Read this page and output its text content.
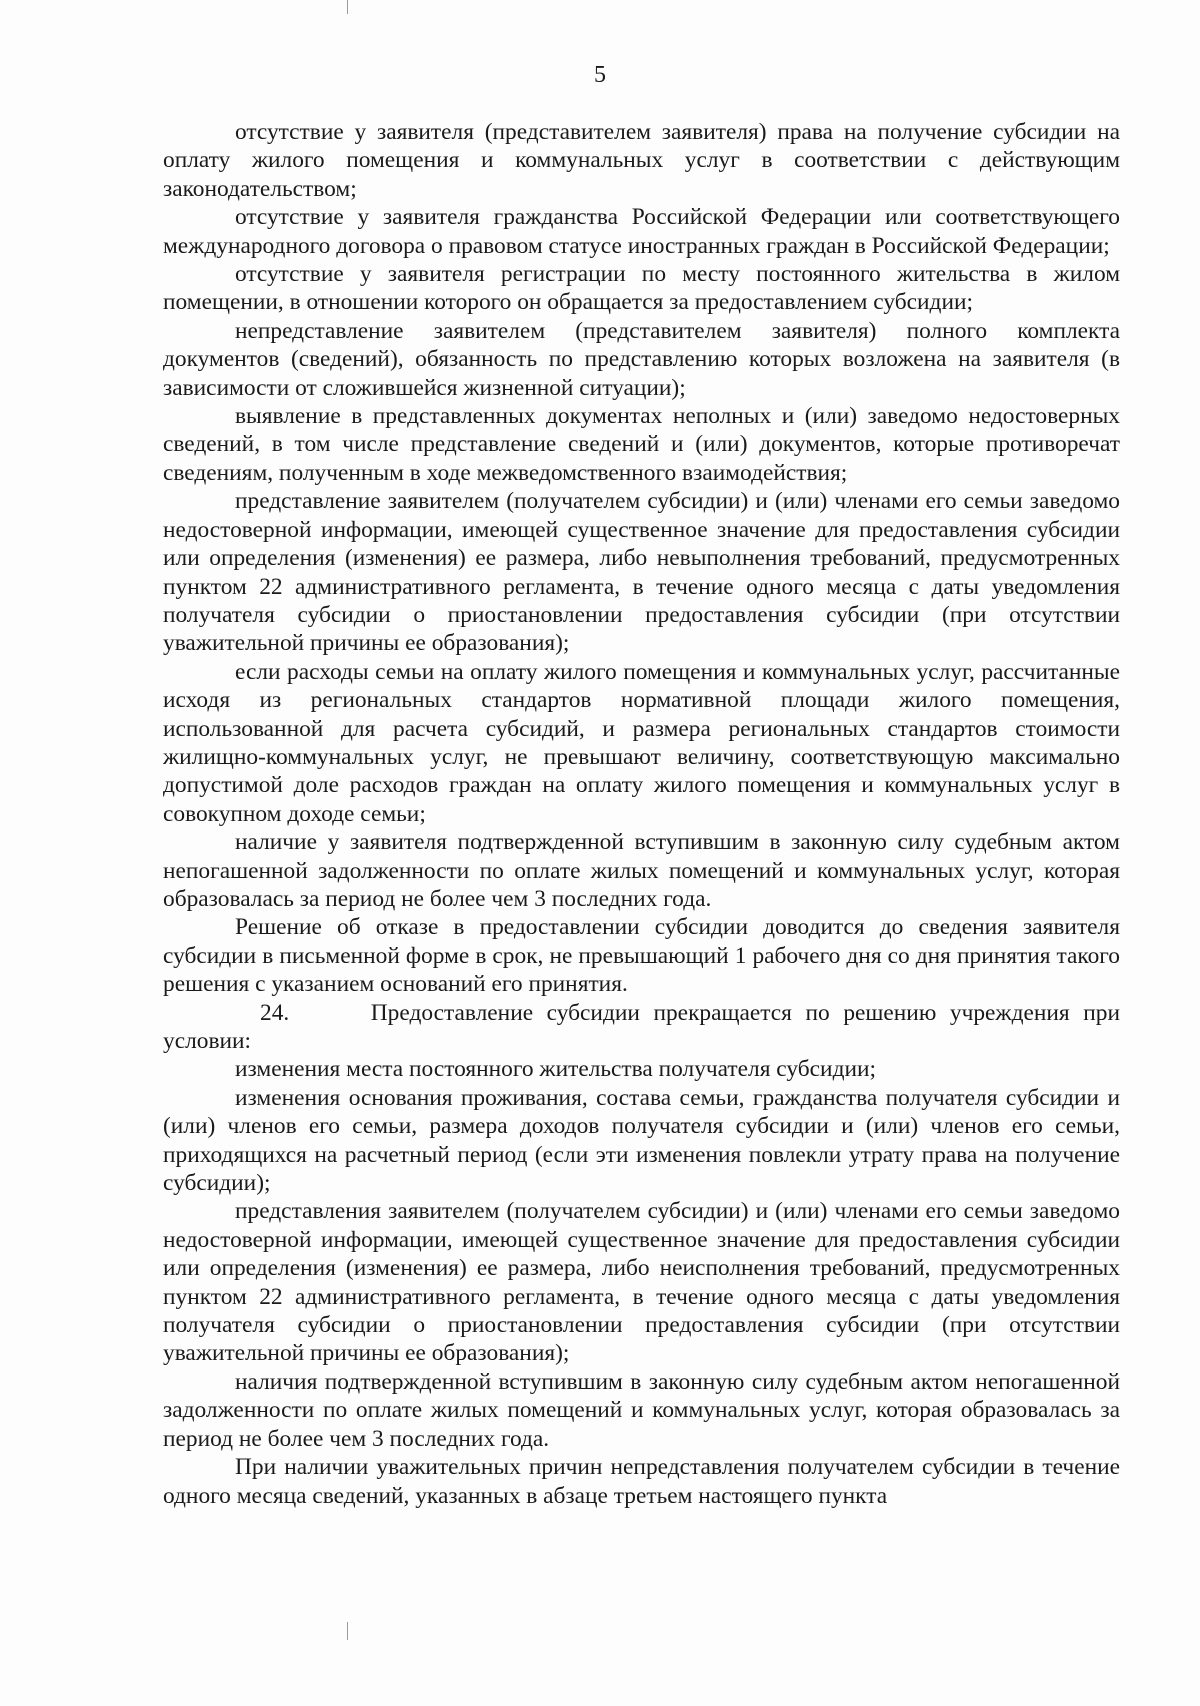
5

отсутствие у заявителя (представителем заявителя) права на получение субсидии на оплату жилого помещения и коммунальных услуг в соответствии с действующим законодательством;

отсутствие у заявителя гражданства Российской Федерации или соответствующего международного договора о правовом статусе иностранных граждан в Российской Федерации;

отсутствие у заявителя регистрации по месту постоянного жительства в жилом помещении, в отношении которого он обращается за предоставлением субсидии;

непредставление заявителем (представителем заявителя) полного комплекта документов (сведений), обязанность по представлению которых возложена на заявителя (в зависимости от сложившейся жизненной ситуации);

выявление в представленных документах неполных и (или) заведомо недостоверных сведений, в том числе представление сведений и (или) документов, которые противоречат сведениям, полученным в ходе межведомственного взаимодействия;

представление заявителем (получателем субсидии) и (или) членами его семьи заведомо недостоверной информации, имеющей существенное значение для предоставления субсидии или определения (изменения) ее размера, либо невыполнения требований, предусмотренных пунктом 22 административного регламента, в течение одного месяца с даты уведомления получателя субсидии о приостановлении предоставления субсидии (при отсутствии уважительной причины ее образования);

если расходы семьи на оплату жилого помещения и коммунальных услуг, рассчитанные исходя из региональных стандартов нормативной площади жилого помещения, использованной для расчета субсидий, и размера региональных стандартов стоимости жилищно-коммунальных услуг, не превышают величину, соответствующую максимально допустимой доле расходов граждан на оплату жилого помещения и коммунальных услуг в совокупном доходе семьи;

наличие у заявителя подтвержденной вступившим в законную силу судебным актом непогашенной задолженности по оплате жилых помещений и коммунальных услуг, которая образовалась за период не более чем 3 последних года.

Решение об отказе в предоставлении субсидии доводится до сведения заявителя субсидии в письменной форме в срок, не превышающий 1 рабочего дня со дня принятия такого решения с указанием оснований его принятия.

24.      Предоставление субсидии прекращается по решению учреждения при условии:

изменения места постоянного жительства получателя субсидии;

изменения основания проживания, состава семьи, гражданства получателя субсидии и (или) членов его семьи, размера доходов получателя субсидии и (или) членов его семьи, приходящихся на расчетный период (если эти изменения повлекли утрату права на получение субсидии);

представления заявителем (получателем субсидии) и (или) членами его семьи заведомо недостоверной информации, имеющей существенное значение для предоставления субсидии или определения (изменения) ее размера, либо неисполнения требований, предусмотренных пунктом 22 административного регламента, в течение одного месяца с даты уведомления получателя субсидии о приостановлении предоставления субсидии (при отсутствии уважительной причины ее образования);

наличия подтвержденной вступившим в законную силу судебным актом непогашенной задолженности по оплате жилых помещений и коммунальных услуг, которая образовалась за период не более чем 3 последних года.

При наличии уважительных причин непредставления получателем субсидии в течение одного месяца сведений, указанных в абзаце третьем настоящего пункта
